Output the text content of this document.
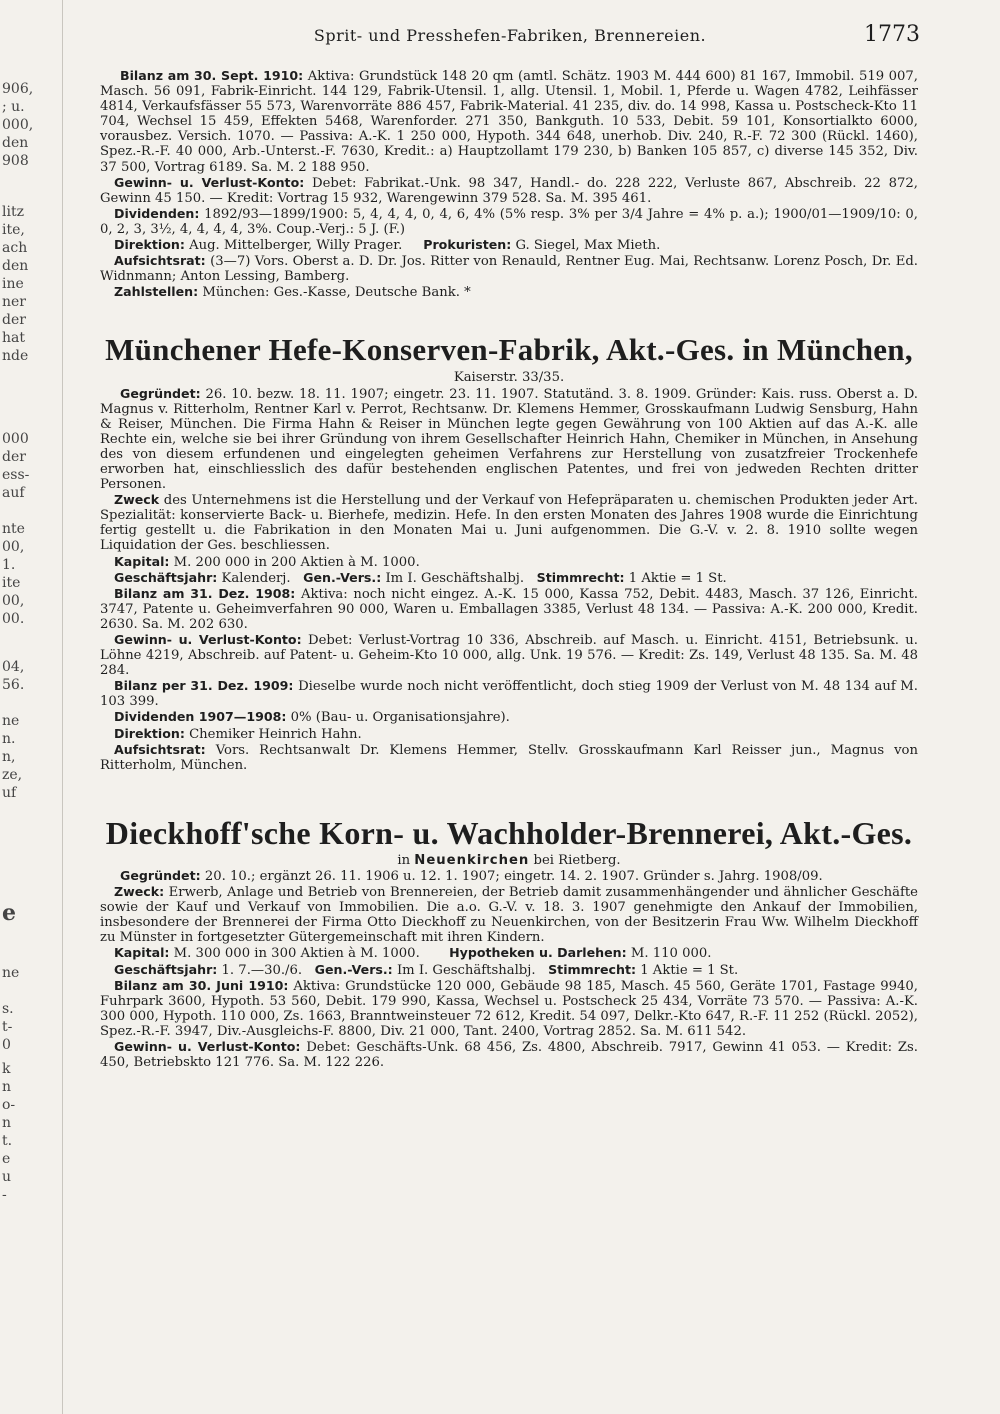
906,
; u.
000,
den
908
litz
ite,
ach
den
ine
ner
der
hat
nde
000
der
ess-
auf
nte
00,
1.
ite
00,
00.
04,
56.
ne
n.
n,
ze,
uf
e
ne
s.
t-
0
k
n
o-
n
t.
e
u
-
Sprit- und Presshefen-Fabriken, Brennereien.	1773

Bilanz am 30. Sept. 1910: Aktiva: Grundstück 148 20 qm (amtl. Schätz. 1903 M. 444 600) 81 167, Immobil. 519 007, Masch. 56 091, Fabrik-Einricht. 144 129, Fabrik-Utensil. 1, allg. Utensil. 1, Mobil. 1, Pferde u. Wagen 4782, Leihfässer 4814, Verkaufsfässer 55 573, Warenvorräte 886 457, Fabrik-Material. 41 235, div. do. 14 998, Kassa u. Postscheck-Kto 11 704, Wechsel 15 459, Effekten 5468, Warenforder. 271 350, Bankguth. 10 533, Debit. 59 101, Konsortialkto 6000, vorausbez. Versich. 1070. — Passiva: A.-K. 1 250 000, Hypoth. 344 648, unerhob. Div. 240, R.-F. 72 300 (Rückl. 1460), Spez.-R.-F. 40 000, Arb.-Unterst.-F. 7630, Kredit.: a) Hauptzollamt 179 230, b) Banken 105 857, c) diverse 145 352, Div. 37 500, Vortrag 6189. Sa. M. 2 188 950.

Gewinn- u. Verlust-Konto: Debet: Fabrikat.-Unk. 98 347, Handl.- do. 228 222, Verluste 867, Abschreib. 22 872, Gewinn 45 150. — Kredit: Vortrag 15 932, Warengewinn 379 528. Sa. M. 395 461.

Dividenden: 1892/93—1899/1900: 5, 4, 4, 4, 0, 4, 6, 4% (5% resp. 3% per 3/4 Jahre = 4% p. a.); 1900/01—1909/10: 0, 0, 2, 3, 3½, 4, 4, 4, 4, 3%. Coup.-Verj.: 5 J. (F.)

Direktion: Aug. Mittelberger, Willy Prager. Prokuristen: G. Siegel, Max Mieth.

Aufsichtsrat: (3—7) Vors. Oberst a. D. Dr. Jos. Ritter von Renauld, Rentner Eug. Mai, Rechtsanw. Lorenz Posch, Dr. Ed. Widnmann; Anton Lessing, Bamberg.

Zahlstellen: München: Ges.-Kasse, Deutsche Bank. *

Münchener Hefe-Konserven-Fabrik, Akt.-Ges. in München,

Kaiserstr. 33/35.

Gegründet: 26. 10. bezw. 18. 11. 1907; eingetr. 23. 11. 1907. Statutänd. 3. 8. 1909. Gründer: Kais. russ. Oberst a. D. Magnus v. Ritterholm, Rentner Karl v. Perrot, Rechtsanw. Dr. Klemens Hemmer, Grosskaufmann Ludwig Sensburg, Hahn & Reiser, München. Die Firma Hahn & Reiser in München legte gegen Gewährung von 100 Aktien auf das A.-K. alle Rechte ein, welche sie bei ihrer Gründung von ihrem Gesellschafter Heinrich Hahn, Chemiker in München, in Ansehung des von diesem erfundenen und eingelegten geheimen Verfahrens zur Herstellung von zusatzfreier Trockenhefe erworben hat, einschliesslich des dafür bestehenden englischen Patentes, und frei von jedweden Rechten dritter Personen.

Zweck des Unternehmens ist die Herstellung und der Verkauf von Hefepräparaten u. chemischen Produkten jeder Art. Spezialität: konservierte Back- u. Bierhefe, medizin. Hefe. In den ersten Monaten des Jahres 1908 wurde die Einrichtung fertig gestellt u. die Fabrikation in den Monaten Mai u. Juni aufgenommen. Die G.-V. v. 2. 8. 1910 sollte wegen Liquidation der Ges. beschliessen.

Kapital: M. 200 000 in 200 Aktien à M. 1000.

Geschäftsjahr: Kalenderj. Gen.-Vers.: Im I. Geschäftshalbj. Stimmrecht: 1 Aktie = 1 St.

Bilanz am 31. Dez. 1908: Aktiva: noch nicht eingez. A.-K. 15 000, Kassa 752, Debit. 4483, Masch. 37 126, Einricht. 3747, Patente u. Geheimverfahren 90 000, Waren u. Emballagen 3385, Verlust 48 134. — Passiva: A.-K. 200 000, Kredit. 2630. Sa. M. 202 630.

Gewinn- u. Verlust-Konto: Debet: Verlust-Vortrag 10 336, Abschreib. auf Masch. u. Einricht. 4151, Betriebsunk. u. Löhne 4219, Abschreib. auf Patent- u. Geheim-Kto 10 000, allg. Unk. 19 576. — Kredit: Zs. 149, Verlust 48 135. Sa. M. 48 284.

Bilanz per 31. Dez. 1909: Dieselbe wurde noch nicht veröffentlicht, doch stieg 1909 der Verlust von M. 48 134 auf M. 103 399.

Dividenden 1907—1908: 0% (Bau- u. Organisationsjahre).

Direktion: Chemiker Heinrich Hahn.

Aufsichtsrat: Vors. Rechtsanwalt Dr. Klemens Hemmer, Stellv. Grosskaufmann Karl Reisser jun., Magnus von Ritterholm, München.

Dieckhoff'sche Korn- u. Wachholder-Brennerei, Akt.-Ges.

in Neuenkirchen bei Rietberg.

Gegründet: 20. 10.; ergänzt 26. 11. 1906 u. 12. 1. 1907; eingetr. 14. 2. 1907. Gründer s. Jahrg. 1908/09.

Zweck: Erwerb, Anlage und Betrieb von Brennereien, der Betrieb damit zusammenhängender und ähnlicher Geschäfte sowie der Kauf und Verkauf von Immobilien. Die a.o. G.-V. v. 18. 3. 1907 genehmigte den Ankauf der Immobilien, insbesondere der Brennerei der Firma Otto Dieckhoff zu Neuenkirchen, von der Besitzerin Frau Ww. Wilhelm Dieckhoff zu Münster in fortgesetzter Gütergemeinschaft mit ihren Kindern.

Kapital: M. 300 000 in 300 Aktien à M. 1000. Hypotheken u. Darlehen: M. 110 000.

Geschäftsjahr: 1. 7.—30./6. Gen.-Vers.: Im I. Geschäftshalbj. Stimmrecht: 1 Aktie = 1 St.

Bilanz am 30. Juni 1910: Aktiva: Grundstücke 120 000, Gebäude 98 185, Masch. 45 560, Geräte 1701, Fastage 9940, Fuhrpark 3600, Hypoth. 53 560, Debit. 179 990, Kassa, Wechsel u. Postscheck 25 434, Vorräte 73 570. — Passiva: A.-K. 300 000, Hypoth. 110 000, Zs. 1663, Branntweinsteuer 72 612, Kredit. 54 097, Delkr.-Kto 647, R.-F. 11 252 (Rückl. 2052), Spez.-R.-F. 3947, Div.-Ausgleichs-F. 8800, Div. 21 000, Tant. 2400, Vortrag 2852. Sa. M. 611 542.

Gewinn- u. Verlust-Konto: Debet: Geschäfts-Unk. 68 456, Zs. 4800, Abschreib. 7917, Gewinn 41 053. — Kredit: Zs. 450, Betriebskto 121 776. Sa. M. 122 226.
